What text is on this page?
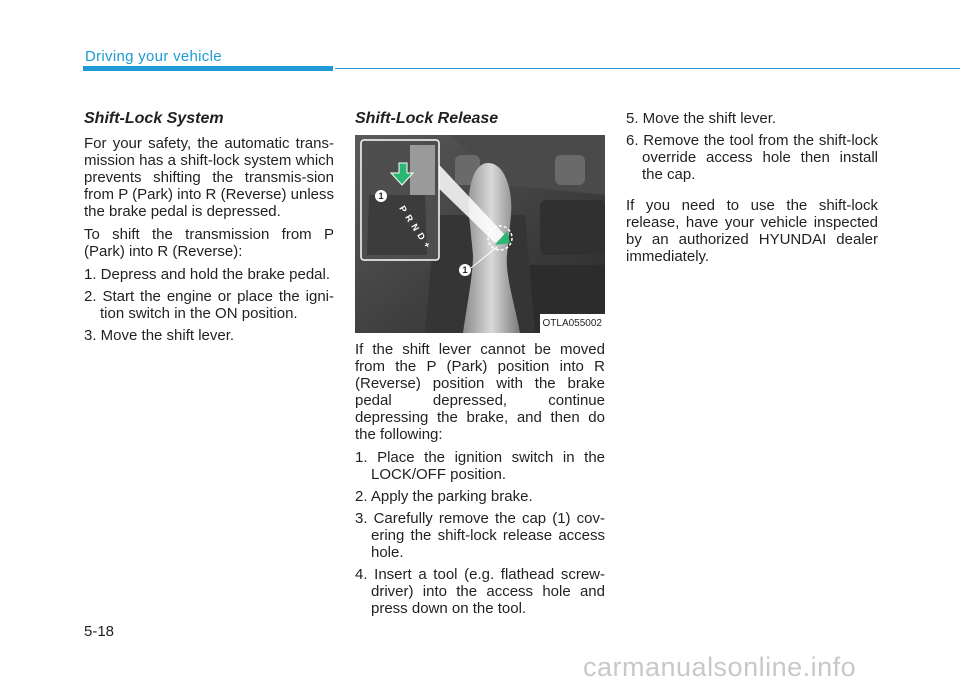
Driving your vehicle
Shift-Lock System

For your safety, the automatic trans-mission has a shift-lock system which prevents shifting the transmis-sion from P (Park) into R (Reverse) unless the brake pedal is depressed.

To shift the transmission from P (Park) into R (Reverse):

1. Depress and hold the brake pedal.
2. Start the engine or place the igni-tion switch in the ON position.
3. Move the shift lever.
Shift-Lock Release
P
R
N
D
+
1
1
OTLA055002

If the shift lever cannot be moved from the P (Park) position into R (Reverse) position with the brake pedal depressed, continue depressing the brake, and then do the following:

1. Place the ignition switch in the LOCK/OFF position.
2. Apply the parking brake.
3. Carefully remove the cap (1) cov-ering the shift-lock release access hole.
4. Insert a tool (e.g. flathead screw-driver) into the access hole and press down on the tool.
5. Move the shift lever.
6. Remove the tool from the shift-lock override access hole then install the cap.

If you need to use the shift-lock release, have your vehicle inspected by an authorized HYUNDAI dealer immediately.

5-18
carmanualsonline.info
